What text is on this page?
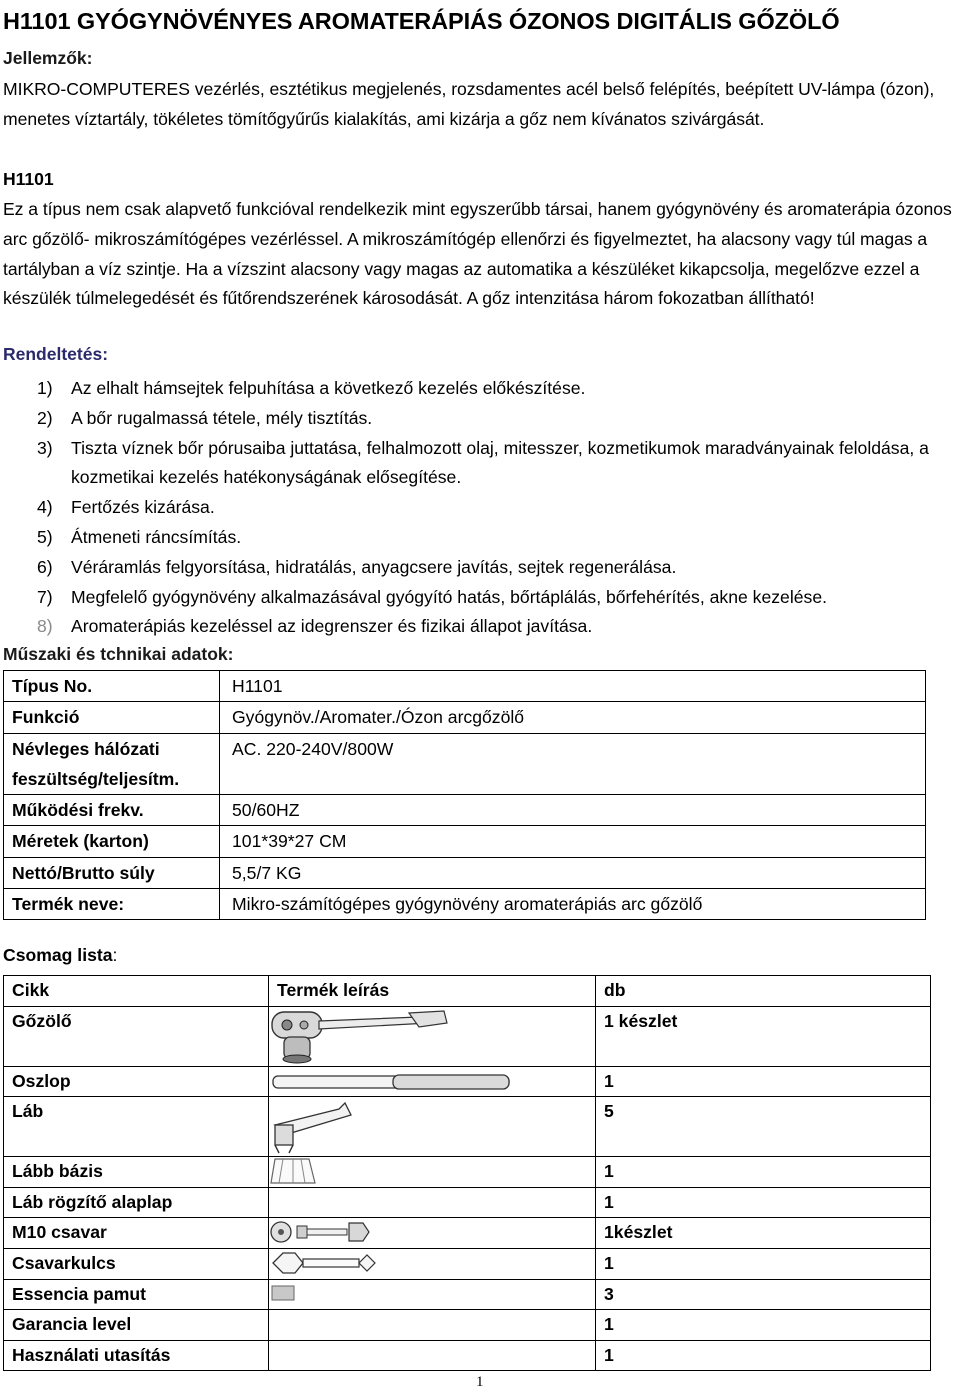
H1101 GYÓGYNÖVÉNYES AROMATERÁPIÁS ÓZONOS DIGITÁLIS GŐZÖLŐ
Jellemzők:
MIKRO-COMPUTERES vezérlés, esztétikus megjelenés, rozsdamentes acél belső felépítés, beépített UV-lámpa (ózon), menetes víztartály, tökéletes tömítőgyűrűs kialakítás, ami kizárja a gőz nem kívánatos szivárgását.
H1101
Ez a típus nem csak alapvető funkcióval rendelkezik mint egyszerűbb társai, hanem gyógynövény és aromaterápia ózonos arc gőzölő- mikroszámítógépes vezérléssel. A mikroszámítógép ellenőrzi és figyelmeztet, ha alacsony vagy túl magas a tartályban a víz szintje. Ha a vízszint alacsony vagy magas az automatika a készüléket kikapcsolja, megelőzve ezzel a készülék túlmelegedését és fűtőrendszerének károsodását. A gőz intenzitása három fokozatban állítható!
Rendeltetés:
1) Az elhalt hámsejtek felpuhítása a következő kezelés előkészítése.
2) A bőr rugalmassá tétele, mély tisztítás.
3) Tiszta víznek bőr pórusaiba juttatása, felhalmozott olaj, mitesszer, kozmetikumok maradványainak feloldása, a kozmetikai kezelés hatékonyságának elősegítése.
4) Fertőzés kizárása.
5) Átmeneti ráncsímítás.
6) Véráramlás felgyorsítása, hidratálás, anyagcsere javítás, sejtek regenerálása.
7) Megfelelő gyógynövény alkalmazásával gyógyító hatás, bőrtáplálás, bőrfehérítés, akne kezelése.
8) Aromaterápiás kezeléssel az idegrenszer és fizikai állapot javítása.
Műszaki és tchnikai adatok:
Típus No.	H1101
Funkció	Gyógynöv./Aromater./Ózon arcgőzölő
Névleges hálózati feszültség/teljesítm.	AC. 220-240V/800W
Működési frekv.	50/60HZ
Méretek (karton)	101*39*27 CM
Nettó/Brutto súly	5,5/7 KG
Termék neve:	Mikro-számítógépes gyógynövény aromaterápiás arc gőzölő
Csomag lista:
Cikk	Termék leírás	db
Gőzölő		1 készlet
Oszlop		1
Láb		5
Lább bázis		1
Láb rögzítő alaplap		1
M10 csavar		1készlet
Csavarkulcs		1
Essencia pamut		3
Garancia level		1
Használati utasítás		1
1
